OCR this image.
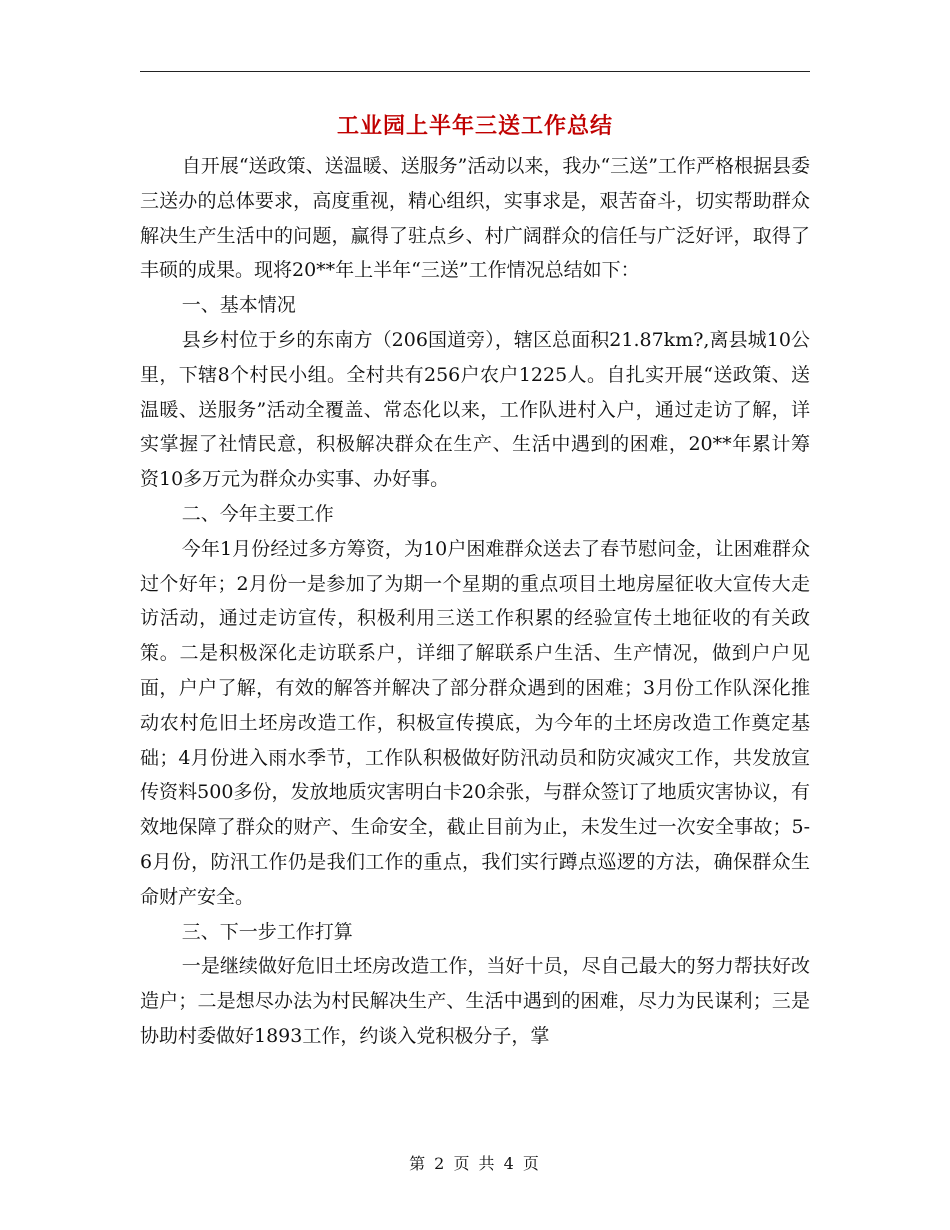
工业园上半年三送工作总结

自开展“送政策、送温暖、送服务”活动以来，我办“三送”工作严格根据县委三送办的总体要求，高度重视，精心组织，实事求是，艰苦奋斗，切实帮助群众解决生产生活中的问题，赢得了驻点乡、村广阔群众的信任与广泛好评，取得了丰硕的成果。现将20**年上半年“三送”工作情况总结如下：

一、基本情况

县乡村位于乡的东南方（206国道旁），辖区总面积21.87km?,离县城10公里，下辖8个村民小组。全村共有256户农户1225人。自扎实开展“送政策、送温暖、送服务”活动全覆盖、常态化以来，工作队进村入户，通过走访了解，详实掌握了社情民意，积极解决群众在生产、生活中遇到的困难，20**年累计筹资10多万元为群众办实事、办好事。

二、今年主要工作

今年1月份经过多方筹资，为10户困难群众送去了春节慰问金，让困难群众过个好年；2月份一是参加了为期一个星期的重点项目土地房屋征收大宣传大走访活动，通过走访宣传，积极利用三送工作积累的经验宣传土地征收的有关政策。二是积极深化走访联系户，详细了解联系户生活、生产情况，做到户户见面，户户了解，有效的解答并解决了部分群众遇到的困难；3月份工作队深化推动农村危旧土坯房改造工作，积极宣传摸底，为今年的土坯房改造工作奠定基础；4月份进入雨水季节，工作队积极做好防汛动员和防灾减灾工作，共发放宣传资料500多份，发放地质灾害明白卡20余张，与群众签订了地质灾害协议，有效地保障了群众的财产、生命安全，截止目前为止，未发生过一次安全事故；5-6月份，防汛工作仍是我们工作的重点，我们实行蹲点巡逻的方法，确保群众生命财产安全。

三、下一步工作打算

一是继续做好危旧土坯房改造工作，当好十员，尽自己最大的努力帮扶好改造户；二是想尽办法为村民解决生产、生活中遇到的困难，尽力为民谋利；三是协助村委做好1893工作，约谈入党积极分子，掌

第 2 页 共 4 页
